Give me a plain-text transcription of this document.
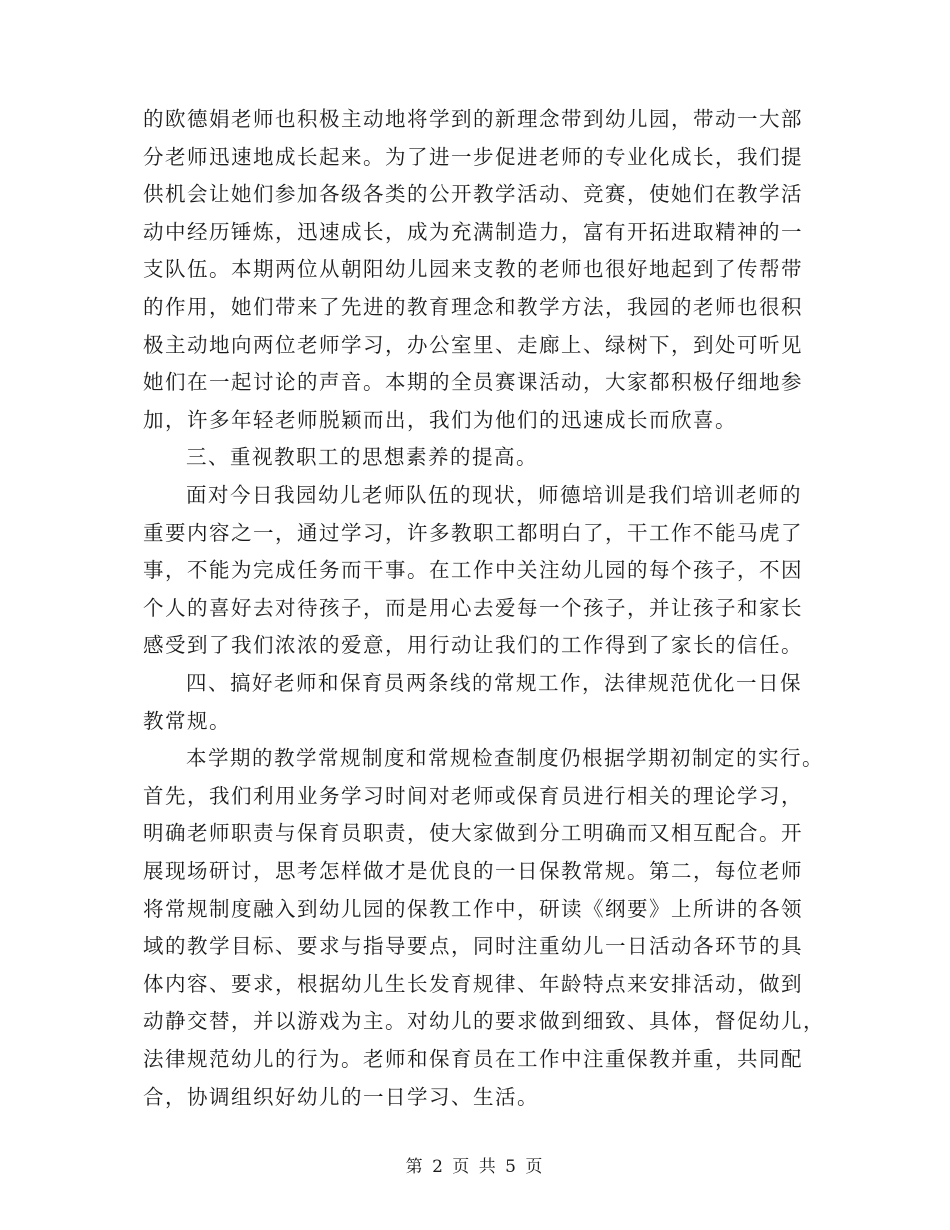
的欧德娟老师也积极主动地将学到的新理念带到幼儿园，带动一大部
分老师迅速地成长起来。为了进一步促进老师的专业化成长，我们提
供机会让她们参加各级各类的公开教学活动、竞赛，使她们在教学活
动中经历锤炼，迅速成长，成为充满制造力，富有开拓进取精神的一
支队伍。本期两位从朝阳幼儿园来支教的老师也很好地起到了传帮带
的作用，她们带来了先进的教育理念和教学方法，我园的老师也很积
极主动地向两位老师学习，办公室里、走廊上、绿树下，到处可听见
她们在一起讨论的声音。本期的全员赛课活动，大家都积极仔细地参
加，许多年轻老师脱颖而出，我们为他们的迅速成长而欣喜。
三、重视教职工的思想素养的提高。
面对今日我园幼儿老师队伍的现状，师德培训是我们培训老师的
重要内容之一，通过学习，许多教职工都明白了，干工作不能马虎了
事，不能为完成任务而干事。在工作中关注幼儿园的每个孩子，不因
个人的喜好去对待孩子，而是用心去爱每一个孩子，并让孩子和家长
感受到了我们浓浓的爱意，用行动让我们的工作得到了家长的信任。
四、搞好老师和保育员两条线的常规工作，法律规范优化一日保
教常规。
本学期的教学常规制度和常规检查制度仍根据学期初制定的实行。
首先，我们利用业务学习时间对老师或保育员进行相关的理论学习，
明确老师职责与保育员职责，使大家做到分工明确而又相互配合。开
展现场研讨，思考怎样做才是优良的一日保教常规。第二，每位老师
将常规制度融入到幼儿园的保教工作中，研读《纲要》上所讲的各领
域的教学目标、要求与指导要点，同时注重幼儿一日活动各环节的具
体内容、要求，根据幼儿生长发育规律、年龄特点来安排活动，做到
动静交替，并以游戏为主。对幼儿的要求做到细致、具体，督促幼儿，
法律规范幼儿的行为。老师和保育员在工作中注重保教并重，共同配
合，协调组织好幼儿的一日学习、生活。
第 2 页 共 5 页
